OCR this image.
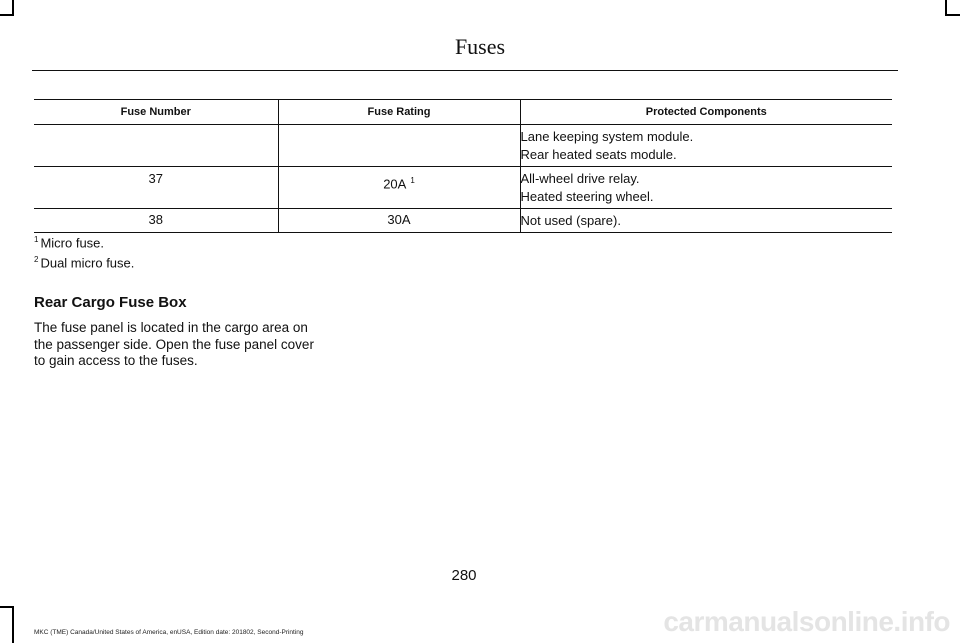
Fuses
Fuse Number	Fuse Rating	Protected Components

		Lane keeping system module.
Rear heated seats module.

37	20A $^1$	All-wheel drive relay.
Heated steering wheel.

38	30A	Not used (spare).
$^1$ Micro fuse.
$^2$ Dual micro fuse.
Rear Cargo Fuse Box
The fuse panel is located in the cargo area on the passenger side. Open the fuse panel cover to gain access to the fuses.
280
MKC (TME) Canada/United States of America, enUSA, Edition date: 201802, Second-Printing	carmanualsonline.info
